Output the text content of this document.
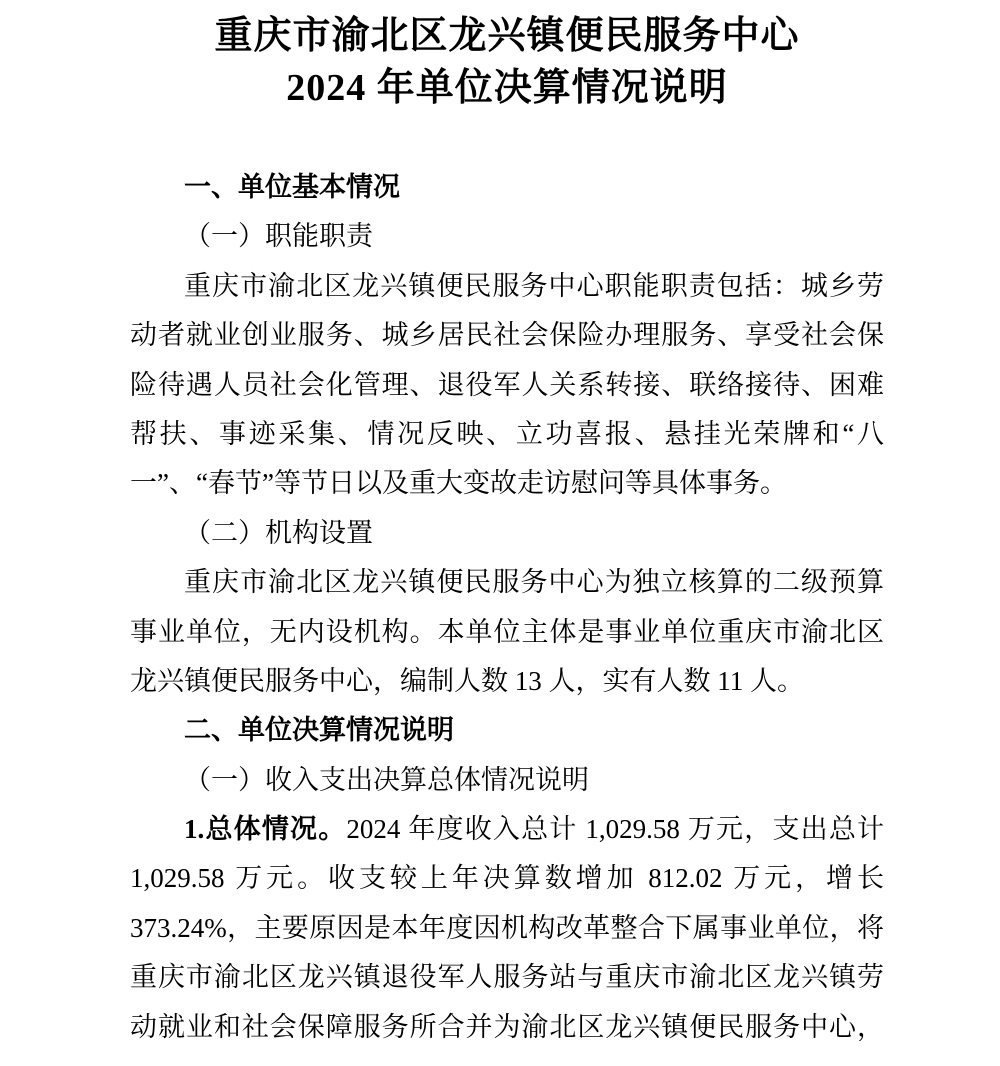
重庆市渝北区龙兴镇便民服务中心
2024 年单位决算情况说明
一、单位基本情况
（一）职能职责
重庆市渝北区龙兴镇便民服务中心职能职责包括：城乡劳
动者就业创业服务、城乡居民社会保险办理服务、享受社会保
险待遇人员社会化管理、退役军人关系转接、联络接待、困难
帮扶、事迹采集、情况反映、立功喜报、悬挂光荣牌和“八
一”、“春节”等节日以及重大变故走访慰问等具体事务。
（二）机构设置
重庆市渝北区龙兴镇便民服务中心为独立核算的二级预算
事业单位，无内设机构。本单位主体是事业单位重庆市渝北区
龙兴镇便民服务中心，编制人数 13 人，实有人数 11 人。
二、单位决算情况说明
（一）收入支出决算总体情况说明
1.总体情况。2024 年度收入总计 1,029.58 万元，支出总计
1,029.58 万元。收支较上年决算数增加 812.02 万元，增长
373.24%，主要原因是本年度因机构改革整合下属事业单位，将
重庆市渝北区龙兴镇退役军人服务站与重庆市渝北区龙兴镇劳
动就业和社会保障服务所合并为渝北区龙兴镇便民服务中心，
